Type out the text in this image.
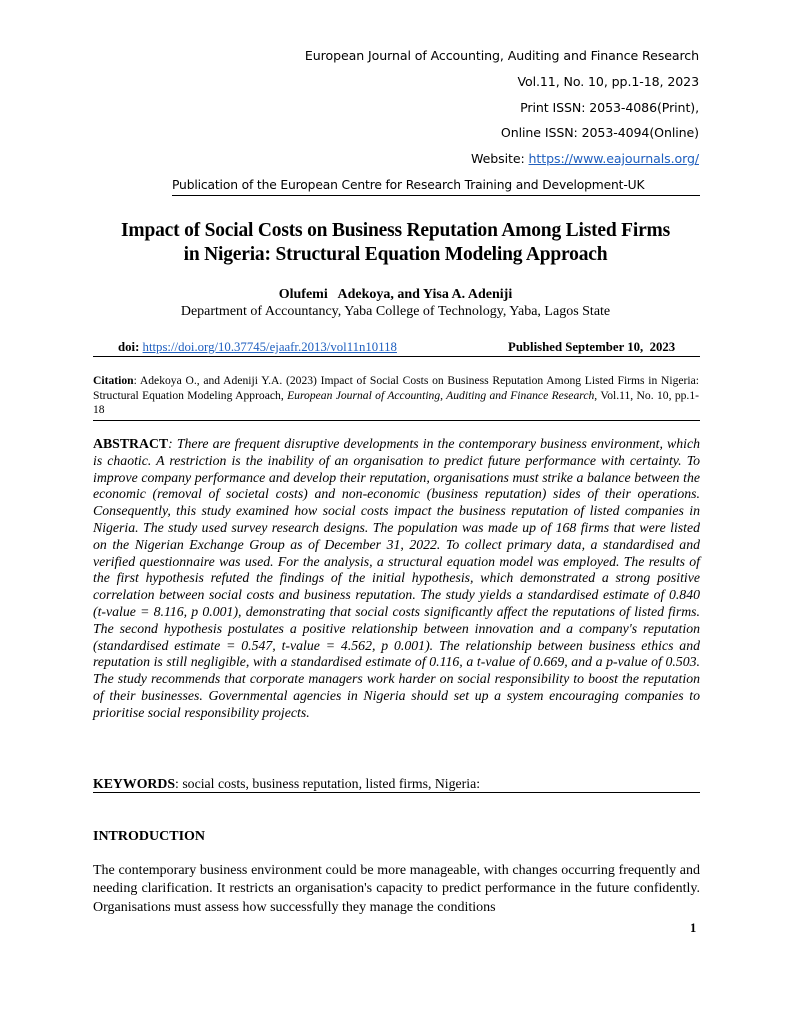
European Journal of Accounting, Auditing and Finance Research
Vol.11, No. 10, pp.1-18, 2023
Print ISSN: 2053-4086(Print),
Online ISSN: 2053-4094(Online)
Website: https://www.eajournals.org/
Publication of the European Centre for Research Training and Development-UK
Impact of Social Costs on Business Reputation Among Listed Firms
in Nigeria: Structural Equation Modeling Approach
Olufemi   Adekoya, and Yisa A. Adeniji
Department of Accountancy, Yaba College of Technology, Yaba, Lagos State
doi: https://doi.org/10.37745/ejaafr.2013/vol11n10118	Published September 10,  2023
Citation: Adekoya O., and Adeniji Y.A. (2023) Impact of Social Costs on Business Reputation Among Listed Firms in Nigeria: Structural Equation Modeling Approach, European Journal of Accounting, Auditing and Finance Research, Vol.11, No. 10, pp.1-18
ABSTRACT: There are frequent disruptive developments in the contemporary business environment, which is chaotic. A restriction is the inability of an organisation to predict future performance with certainty. To improve company performance and develop their reputation, organisations must strike a balance between the economic (removal of societal costs) and non-economic (business reputation) sides of their operations. Consequently, this study examined how social costs impact the business reputation of listed companies in Nigeria. The study used survey research designs. The population was made up of 168 firms that were listed on the Nigerian Exchange Group as of December 31, 2022. To collect primary data, a standardised and verified questionnaire was used. For the analysis, a structural equation model was employed. The results of the first hypothesis refuted the findings of the initial hypothesis, which demonstrated a strong positive correlation between social costs and business reputation. The study yields a standardised estimate of 0.840 (t-value = 8.116, p 0.001), demonstrating that social costs significantly affect the reputations of listed firms. The second hypothesis postulates a positive relationship between innovation and a company's reputation (standardised estimate = 0.547, t-value = 4.562, p 0.001). The relationship between business ethics and reputation is still negligible, with a standardised estimate of 0.116, a t-value of 0.669, and a p-value of 0.503. The study recommends that corporate managers work harder on social responsibility to boost the reputation of their businesses. Governmental agencies in Nigeria should set up a system encouraging companies to prioritise social responsibility projects.
KEYWORDS: social costs, business reputation, listed firms, Nigeria:
INTRODUCTION
The contemporary business environment could be more manageable, with changes occurring frequently and needing clarification. It restricts an organisation's capacity to predict performance in the future confidently. Organisations must assess how successfully they manage the conditions
1
